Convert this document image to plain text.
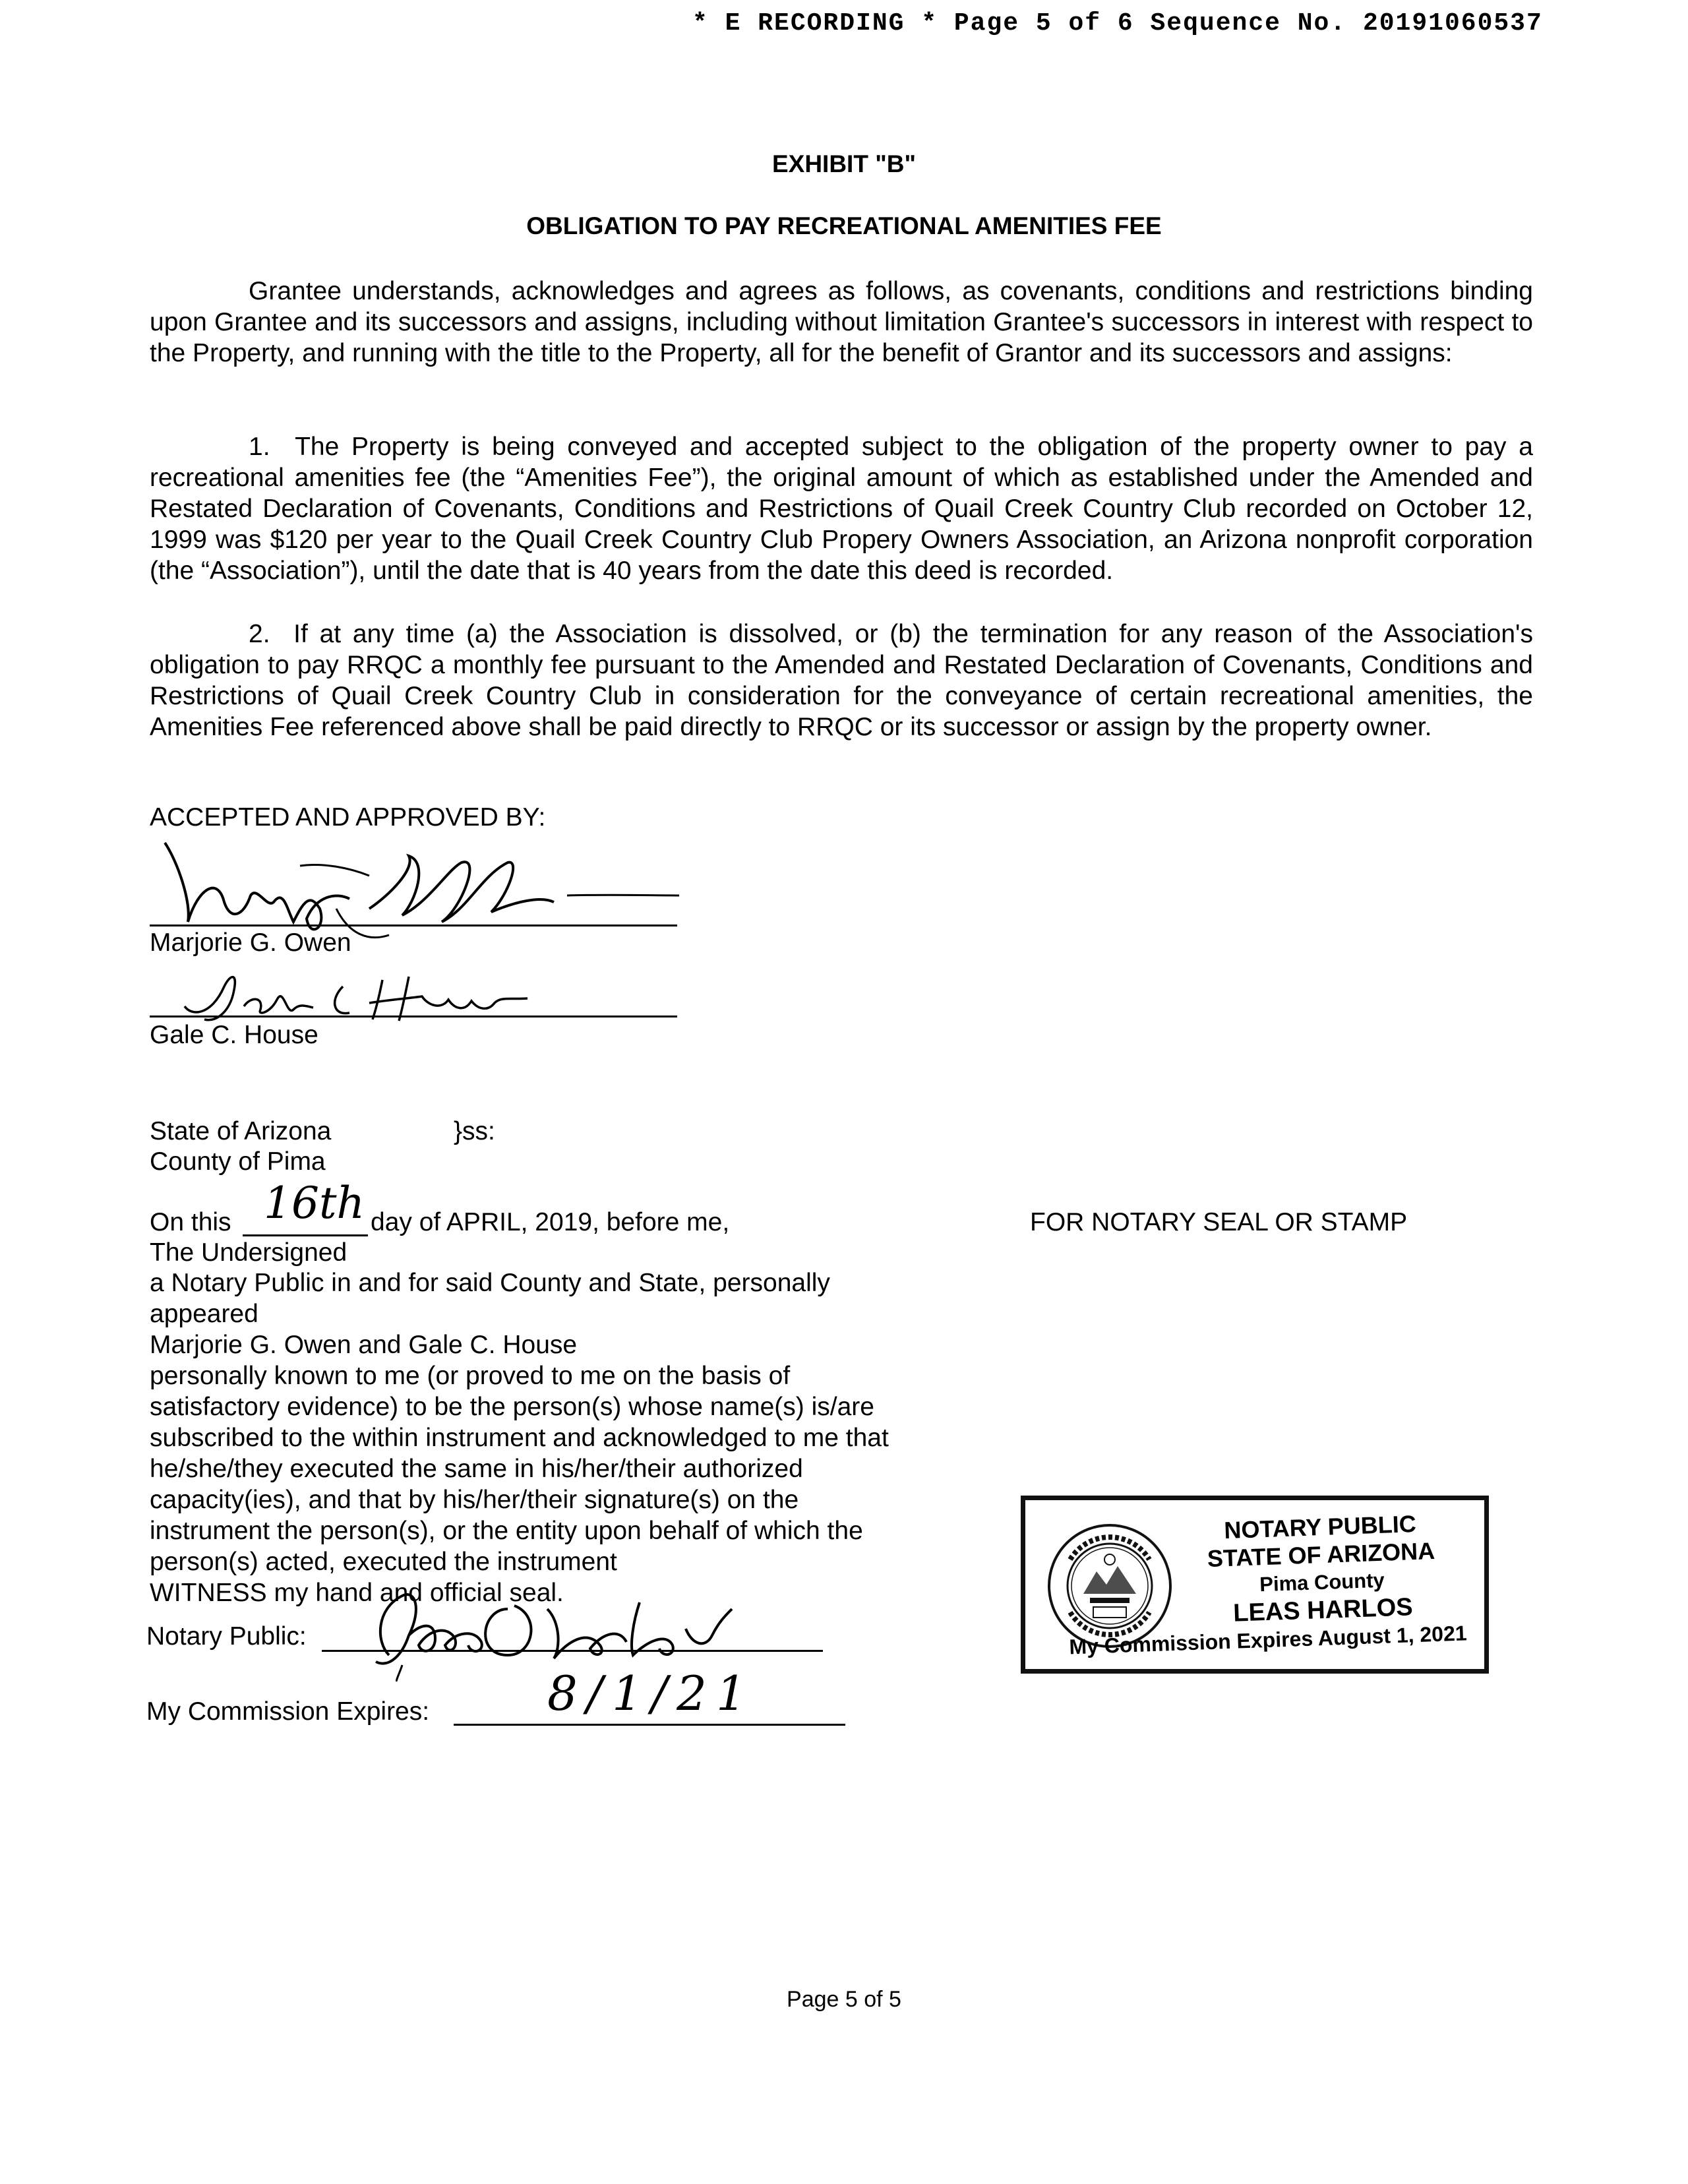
* E RECORDING * Page 5 of 6 Sequence No. 20191060537
EXHIBIT "B"
OBLIGATION TO PAY RECREATIONAL AMENITIES FEE
Grantee understands, acknowledges and agrees as follows, as covenants, conditions and restrictions binding upon Grantee and its successors and assigns, including without limitation Grantee's successors in interest with respect to the Property, and running with the title to the Property, all for the benefit of Grantor and its successors and assigns:
1. The Property is being conveyed and accepted subject to the obligation of the property owner to pay a recreational amenities fee (the “Amenities Fee”), the original amount of which as established under the Amended and Restated Declaration of Covenants, Conditions and Restrictions of Quail Creek Country Club recorded on October 12, 1999 was $120 per year to the Quail Creek Country Club Propery Owners Association, an Arizona nonprofit corporation (the “Association”), until the date that is 40 years from the date this deed is recorded.
2. If at any time (a) the Association is dissolved, or (b) the termination for any reason of the Association's obligation to pay RRQC a monthly fee pursuant to the Amended and Restated Declaration of Covenants, Conditions and Restrictions of Quail Creek Country Club in consideration for the conveyance of certain recreational amenities, the Amenities Fee referenced above shall be paid directly to RRQC or its successor or assign by the property owner.
ACCEPTED AND APPROVED BY:
Marjorie G. Owen
Gale C. House
State of Arizona	}ss:
County of Pima
On this 16th day of APRIL, 2019, before me,
The Undersigned
a Notary Public in and for said County and State, personally
appeared
Marjorie G. Owen and Gale C. House
personally known to me (or proved to me on the basis of
satisfactory evidence) to be the person(s) whose name(s) is/are
subscribed to the within instrument and acknowledged to me that
he/she/they executed the same in his/her/their authorized
capacity(ies), and that by his/her/their signature(s) on the
instrument the person(s), or the entity upon behalf of which the
person(s) acted, executed the instrument
WITNESS my hand and official seal.
Notary Public:
My Commission Expires: 8/1/21
FOR NOTARY SEAL OR STAMP
NOTARY PUBLIC
STATE OF ARIZONA
Pima County
LEAS HARLOS
My Commission Expires August 1, 2021
Page 5 of 5
